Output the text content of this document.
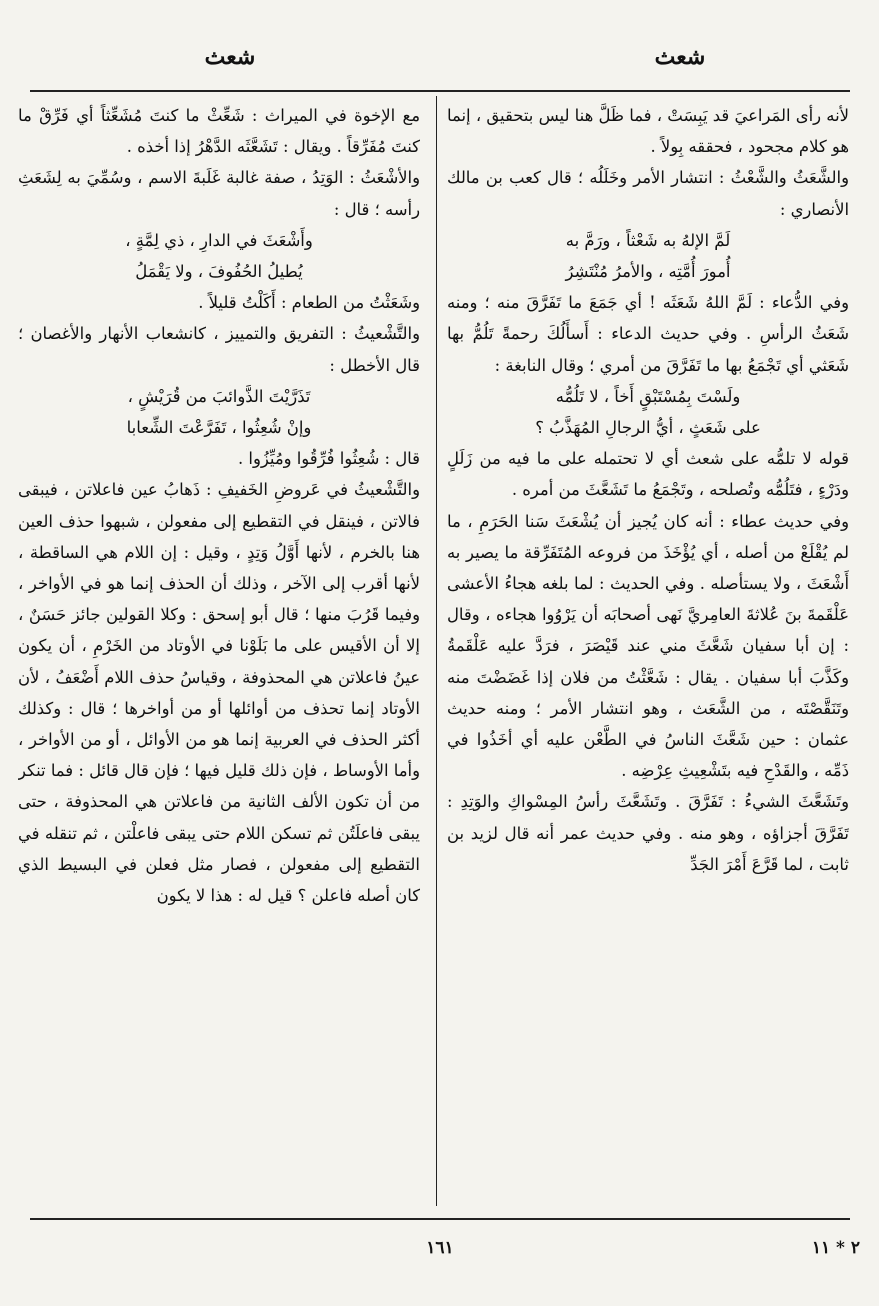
شعث
شعث

لأنه رأى المَراعيَ قد يَبِسَتْ ، فما ظَلَّ هنا ليس بتحقيق ، إنما هو كلام مجحود ، فحققه بِولاً .

والشَّعَثُ والشَّعْثُ : انتشار الأمر وخَلَلُه ؛ قال كعب بن مالك الأنصاري :

لَمَّ الإلهُ به شَعْثاً ، ورَمَّ به

أُمورَ أُمَّتِه ، والأمرُ مُنْتَشِرُ

وفي الدُّعاء : لَمَّ اللهُ شَعَثَه ! أي جَمَعَ ما تَفَرَّقَ منه ؛ ومنه شَعَثُ الرأسِ . وفي حديث الدعاء : أَسأَلُكَ رحمةً تَلُمُّ بها شَعَثي أي تَجْمَعُ بها ما تَفَرَّقَ من أمري ؛ وقال النابغة :

ولَسْتَ بِمُسْتَبْقٍ أَخاً ، لا تَلُمُّه

على شَعَثٍ ، أيُّ الرجالِ المُهَذَّبُ ؟

قوله لا تلمُّه على شعث أي لا تحتمله على ما فيه من زَلَلٍ ودَرْءٍ ، فتَلُمُّه وتُصلحه ، وتَجْمَعُ ما تَشَعَّثَ من أمره .

وفي حديث عطاء : أنه كان يُجيز أن يُشْعَثَ سَنا الحَرَمِ ، ما لم يُقْلَعْ من أصله ، أي يُؤْخَذَ من فروعه المُتَفَرِّقة ما يصير به أَشْعَثَ ، ولا يستأصله . وفي الحديث : لما بلغه هجاءُ الأعشى عَلْقَمةَ بنَ عُلاثةَ العامِريَّ نَهى أصحابَه أن يَرْوُوا هجاءه ، وقال : إن أبا سفيان شَعَّثَ مني عند قَيْصَرَ ، فرَدَّ عليه عَلْقَمةُ وكَذَّبَ أبا سفيان . يقال : شَعَّثْتُ من فلان إذا غَضَضْتَ منه وتَنَقَّصْتَه ، من الشَّعَث ، وهو انتشار الأمر ؛ ومنه حديث عثمان : حين شَعَّثَ الناسُ في الطَّعْن عليه أي أخَذُوا في ذَمِّه ، والقَدْحِ فيه بتَشْعِيثِ عِرْضِه .

وتَشَعَّثَ الشيءُ : تَفَرَّقَ . وتَشَعَّثَ رأسُ المِسْواكِ والوَتِدِ : تَفَرَّقَ أجزاؤه ، وهو منه . وفي حديث عمر أنه قال لزيد بن ثابت ، لما قَرَّعَ أَمْرَ الجَدِّ

مع الإخوة في الميراث : شَعِّثْ ما كنتَ مُشَعِّثاً أي فَرِّقْ ما كنتَ مُفَرِّقاً . ويقال : تَشَعَّثَه الدَّهْرُ إذا أخذه .

والأشْعَثُ : الوَتِدُ ، صفة غالبة غَلَبةَ الاسم ، وسُمِّيَ به لِشَعَثِ رأسه ؛ قال :

وأَشْعَثَ في الدارِ ، ذي لِمَّةٍ ،

يُطيلُ الحُفُوفَ ، ولا يَقْمَلُ

وشَعَثْتُ من الطعام : أَكَلْتُ قليلاً .

والتَّشْعيثُ : التفريق والتمييز ، كانشعاب الأنهار والأغصان ؛ قال الأخطل :

تَذَرَّيْتَ الذَّوائبَ من قُرَيْشٍ ،

وإنْ شُعِثُوا ، تَفَرَّعْتَ الشِّعابا

قال : شُعِثُوا فُرِّقُوا ومُيِّزُوا .

والتَّشْعيثُ في عَروضِ الخَفيفِ : ذَهابُ عين فاعلاتن ، فيبقى فالاتن ، فينقل في التقطيع إلى مفعولن ، شبهوا حذف العين هنا بالخرم ، لأنها أَوَّلُ وَتِدٍ ، وقيل : إن اللام هي الساقطة ، لأنها أقرب إلى الآخر ، وذلك أن الحذف إنما هو في الأواخر ، وفيما قَرُبَ منها ؛ قال أبو إسحق : وكلا القولين جائز حَسَنٌ ، إلا أن الأقيس على ما بَلَوْنا في الأوتاد من الخَرْمِ ، أن يكون عينُ فاعلاتن هي المحذوفة ، وقياسُ حذف اللام أَضْعَفُ ، لأن الأوتاد إنما تحذف من أوائلها أو من أواخرها ؛ قال : وكذلك أكثر الحذف في العربية إنما هو من الأوائل ، أو من الأواخر ، وأما الأوساط ، فإن ذلك قليل فيها ؛ فإن قال قائل : فما تنكر من أن تكون الألف الثانية من فاعلاتن هي المحذوفة ، حتى يبقى فاعلَتُن ثم تسكن اللام حتى يبقى فاعلْتن ، ثم تنقله في التقطيع إلى مفعولن ، فصار مثل فعلن في البسيط الذي كان أصله فاعلن ؟ قيل له : هذا لا يكون

١٦١	٢ * ١١
